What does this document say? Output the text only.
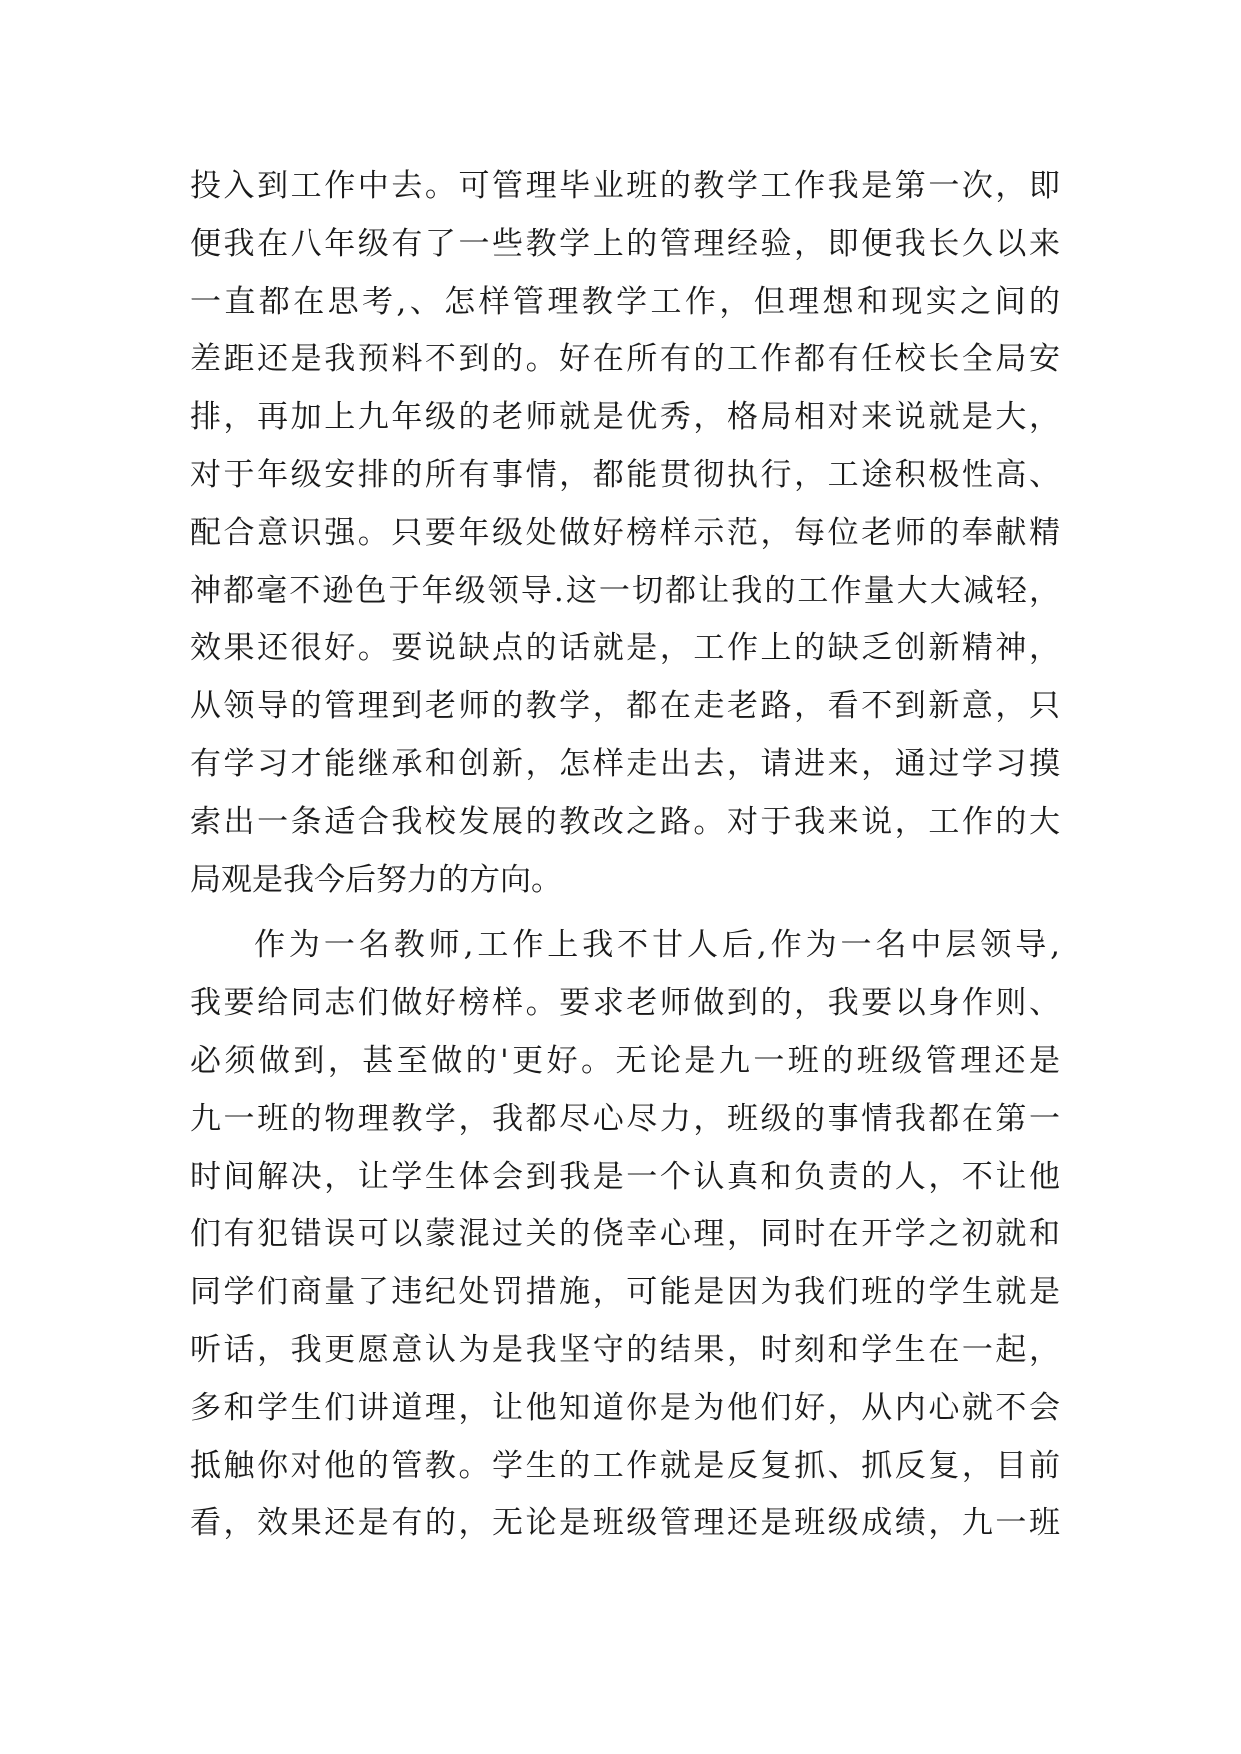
投入到工作中去。可管理毕业班的教学工作我是第一次，即
便我在八年级有了一些教学上的管理经验，即便我长久以来
一直都在思考,、怎样管理教学工作，但理想和现实之间的
差距还是我预料不到的。好在所有的工作都有任校长全局安
排，再加上九年级的老师就是优秀，格局相对来说就是大，
对于年级安排的所有事情，都能贯彻执行，工途积极性高、
配合意识强。只要年级处做好榜样示范，每位老师的奉献精
神都毫不逊色于年级领导.这一切都让我的工作量大大减轻，
效果还很好。要说缺点的话就是，工作上的缺乏创新精神，
从领导的管理到老师的教学，都在走老路，看不到新意，只
有学习才能继承和创新，怎样走出去，请进来，通过学习摸
索出一条适合我校发展的教改之路。对于我来说，工作的大
局观是我今后努力的方向。
作为一名教师,工作上我不甘人后,作为一名中层领导,
我要给同志们做好榜样。要求老师做到的，我要以身作则、
必须做到，甚至做的'更好。无论是九一班的班级管理还是
九一班的物理教学，我都尽心尽力，班级的事情我都在第一
时间解决，让学生体会到我是一个认真和负责的人，不让他
们有犯错误可以蒙混过关的侥幸心理，同时在开学之初就和
同学们商量了违纪处罚措施，可能是因为我们班的学生就是
听话，我更愿意认为是我坚守的结果，时刻和学生在一起，
多和学生们讲道理，让他知道你是为他们好，从内心就不会
抵触你对他的管教。学生的工作就是反复抓、抓反复，目前
看，效果还是有的，无论是班级管理还是班级成绩，九一班
